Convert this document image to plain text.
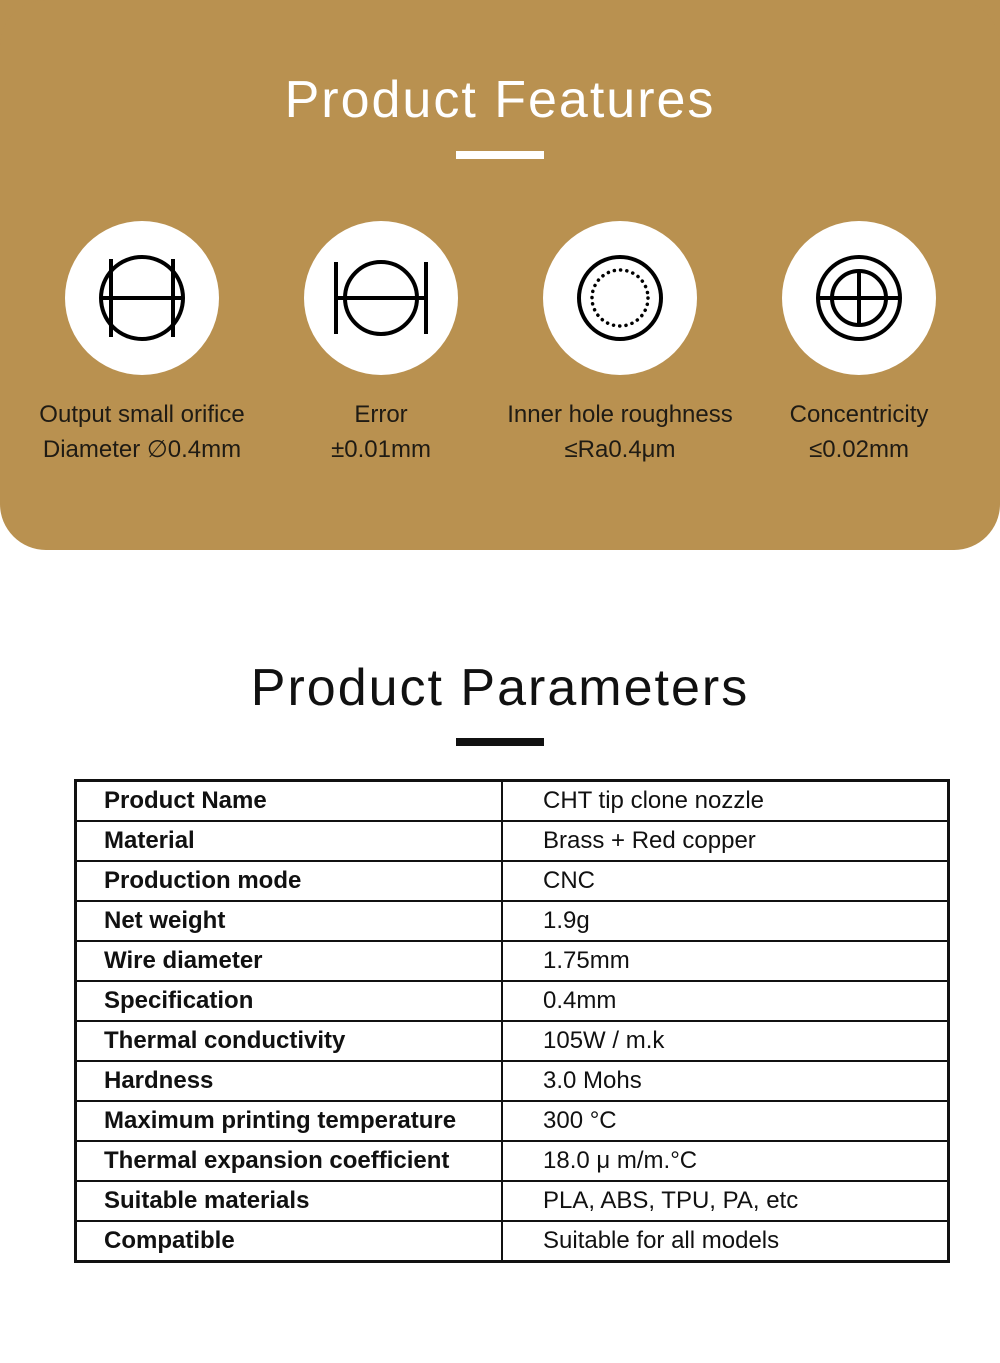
Product Features
Output small orifice
Diameter ∅0.4mm
Error
±0.01mm
Inner hole roughness
≤Ra0.4μm
Concentricity
≤0.02mm
Product Parameters
Product Name	CHT tip clone nozzle
Material	Brass + Red copper
Production mode	CNC
Net weight	1.9g
Wire diameter	1.75mm
Specification	0.4mm
Thermal conductivity	105W / m.k
Hardness	3.0 Mohs
Maximum printing temperature	300 °C
Thermal expansion coefficient	18.0 μ m/m.°C
Suitable materials	PLA, ABS, TPU, PA, etc
Compatible	Suitable for all models
